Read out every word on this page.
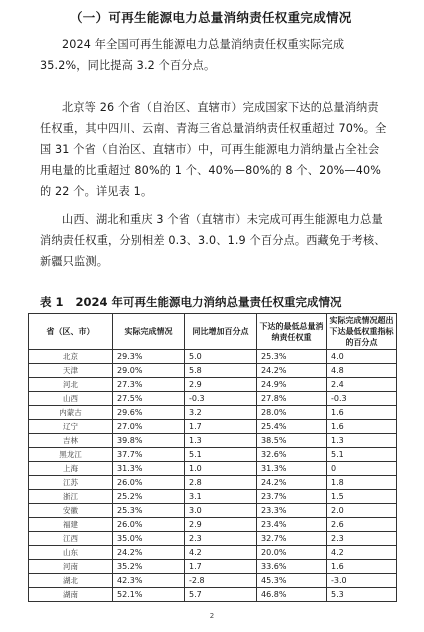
（一）可再生能源电力总量消纳责任权重完成情况

2024 年全国可再生能源电力总量消纳责任权重实际完成 35.2%，同比提高 3.2 个百分点。

北京等 26 个省（自治区、直辖市）完成国家下达的总量消纳责任权重，其中四川、云南、青海三省总量消纳责任权重超过 70%。全国 31 个省（自治区、直辖市）中，可再生能源电力消纳量占全社会用电量的比重超过 80%的 1 个、40%—80%的 8 个、20%—40%的 22 个。详见表 1。

山西、湖北和重庆 3 个省（直辖市）未完成可再生能源电力总量消纳责任权重，分别相差 0.3、3.0、1.9 个百分点。西藏免于考核、新疆只监测。

表 1 2024 年可再生能源电力消纳总量责任权重完成情况
省（区、市）	实际完成情况	同比增加百分点	下达的最低总量消纳责任权重	实际完成情况超出下达最低权重指标的百分点
北京	29.3%	5.0	25.3%	4.0
天津	29.0%	5.8	24.2%	4.8
河北	27.3%	2.9	24.9%	2.4
山西	27.5%	-0.3	27.8%	-0.3
内蒙古	29.6%	3.2	28.0%	1.6
辽宁	27.0%	1.7	25.4%	1.6
吉林	39.8%	1.3	38.5%	1.3
黑龙江	37.7%	5.1	32.6%	5.1
上海	31.3%	1.0	31.3%	0
江苏	26.0%	2.8	24.2%	1.8
浙江	25.2%	3.1	23.7%	1.5
安徽	25.3%	3.0	23.3%	2.0
福建	26.0%	2.9	23.4%	2.6
江西	35.0%	2.3	32.7%	2.3
山东	24.2%	4.2	20.0%	4.2
河南	35.2%	1.7	33.6%	1.6
湖北	42.3%	-2.8	45.3%	-3.0
湖南	52.1%	5.7	46.8%	5.3
2
